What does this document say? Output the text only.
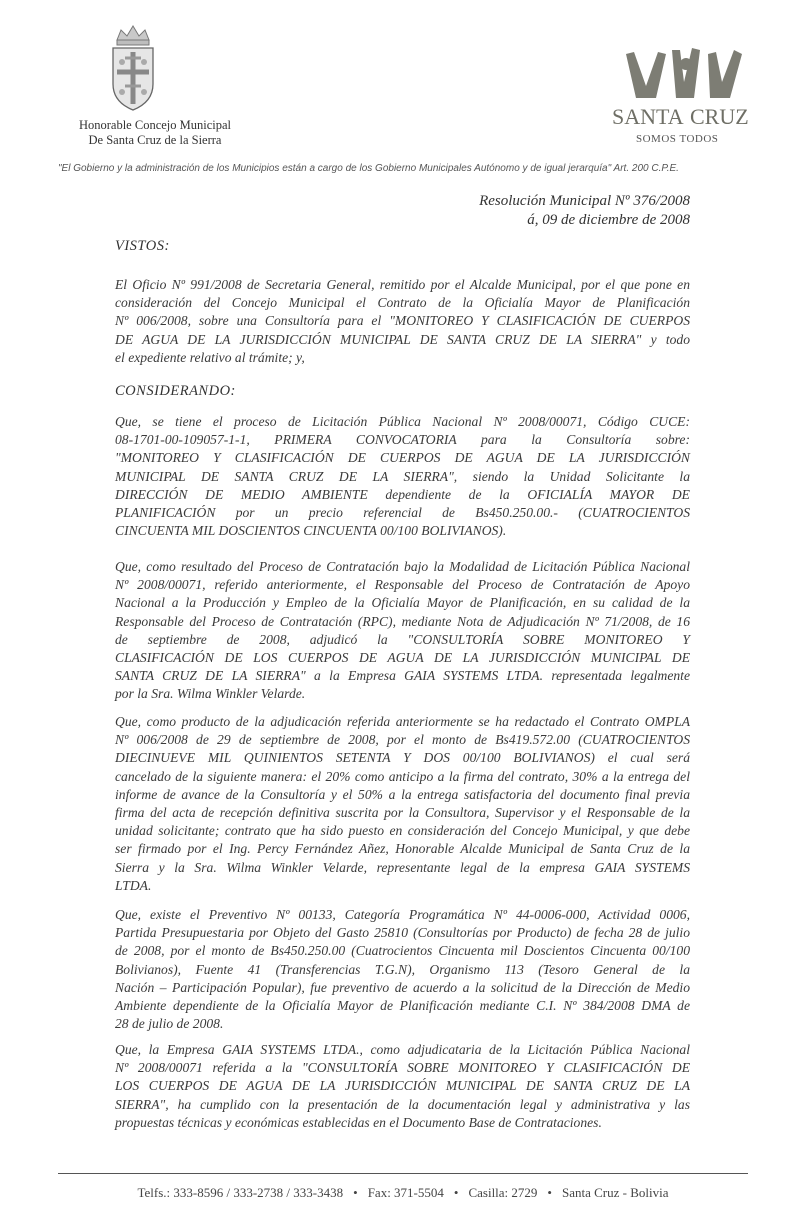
Honorable Concejo Municipal
De Santa Cruz de la Sierra
SANTA CRUZ
SOMOS TODOS
"El Gobierno y la administración de los Municipios están a cargo de los Gobierno Municipales Autónomo y de igual jerarquía" Art. 200 C.P.E.
Resolución Municipal Nº 376/2008
á, 09 de diciembre de 2008
VISTOS:
El Oficio Nº 991/2008 de Secretaria General, remitido por el Alcalde Municipal, por el que pone en
consideración del Concejo Municipal el Contrato de la Oficialía Mayor de Planificación
Nº 006/2008, sobre una Consultoría para el "MONITOREO Y CLASIFICACIÓN DE CUERPOS
DE AGUA DE LA JURISDICCIÓN MUNICIPAL DE SANTA CRUZ DE LA SIERRA" y todo
el expediente relativo al trámite; y,
CONSIDERANDO:
Que, se tiene el proceso de Licitación Pública Nacional Nº 2008/00071, Código CUCE:
08-1701-00-109057-1-1, PRIMERA CONVOCATORIA para la Consultoría sobre:
"MONITOREO Y CLASIFICACIÓN DE CUERPOS DE AGUA DE LA JURISDICCIÓN
MUNICIPAL DE SANTA CRUZ DE LA SIERRA", siendo la Unidad Solicitante la
DIRECCIÓN DE MEDIO AMBIENTE dependiente de la OFICIALÍA MAYOR DE
PLANIFICACIÓN por un precio referencial de Bs450.250.00.- (CUATROCIENTOS
CINCUENTA MIL DOSCIENTOS CINCUENTA 00/100 BOLIVIANOS).
Que, como resultado del Proceso de Contratación bajo la Modalidad de Licitación Pública Nacional
Nº 2008/00071, referido anteriormente, el Responsable del Proceso de Contratación de Apoyo
Nacional a la Producción y Empleo de la Oficialía Mayor de Planificación, en su calidad de la
Responsable del Proceso de Contratación (RPC), mediante Nota de Adjudicación Nº 71/2008, de 16
de septiembre de 2008, adjudicó la "CONSULTORÍA SOBRE MONITOREO Y
CLASIFICACIÓN DE LOS CUERPOS DE AGUA DE LA JURISDICCIÓN MUNICIPAL DE
SANTA CRUZ DE LA SIERRA" a la Empresa GAIA SYSTEMS LTDA. representada legalmente
por la Sra. Wilma Winkler Velarde.
Que, como producto de la adjudicación referida anteriormente se ha redactado el Contrato OMPLA
Nº 006/2008 de 29 de septiembre de 2008, por el monto de Bs419.572.00 (CUATROCIENTOS
DIECINUEVE MIL QUINIENTOS SETENTA Y DOS 00/100 BOLIVIANOS) el cual será
cancelado de la siguiente manera: el 20% como anticipo a la firma del contrato, 30% a la entrega del
informe de avance de la Consultoría y el 50% a la entrega satisfactoria del documento final previa
firma del acta de recepción definitiva suscrita por la Consultora, Supervisor y el Responsable de la
unidad solicitante; contrato que ha sido puesto en consideración del Concejo Municipal, y que debe
ser firmado por el Ing. Percy Fernández Añez, Honorable Alcalde Municipal de Santa Cruz de la
Sierra y la Sra. Wilma Winkler Velarde, representante legal de la empresa GAIA SYSTEMS
LTDA.
Que, existe el Preventivo Nº 00133, Categoría Programática Nº 44-0006-000, Actividad 0006,
Partida Presupuestaria por Objeto del Gasto 25810 (Consultorías por Producto) de fecha 28 de julio
de 2008, por el monto de Bs450.250.00 (Cuatrocientos Cincuenta mil Doscientos Cincuenta 00/100
Bolivianos), Fuente 41 (Transferencias T.G.N), Organismo 113 (Tesoro General de la
Nación – Participación Popular), fue preventivo de acuerdo a la solicitud de la Dirección de Medio
Ambiente dependiente de la Oficialía Mayor de Planificación mediante C.I. Nº 384/2008 DMA de
28 de julio de 2008.
Que, la Empresa GAIA SYSTEMS LTDA., como adjudicataria de la Licitación Pública Nacional
Nº 2008/00071 referida a la "CONSULTORÍA SOBRE MONITOREO Y CLASIFICACIÓN DE
LOS CUERPOS DE AGUA DE LA JURISDICCIÓN MUNICIPAL DE SANTA CRUZ DE LA
SIERRA", ha cumplido con la presentación de la documentación legal y administrativa y las
propuestas técnicas y económicas establecidas en el Documento Base de Contrataciones.
Telfs.: 333-8596 / 333-2738 / 333-3438 • Fax: 371-5504 • Casilla: 2729 • Santa Cruz - Bolivia
